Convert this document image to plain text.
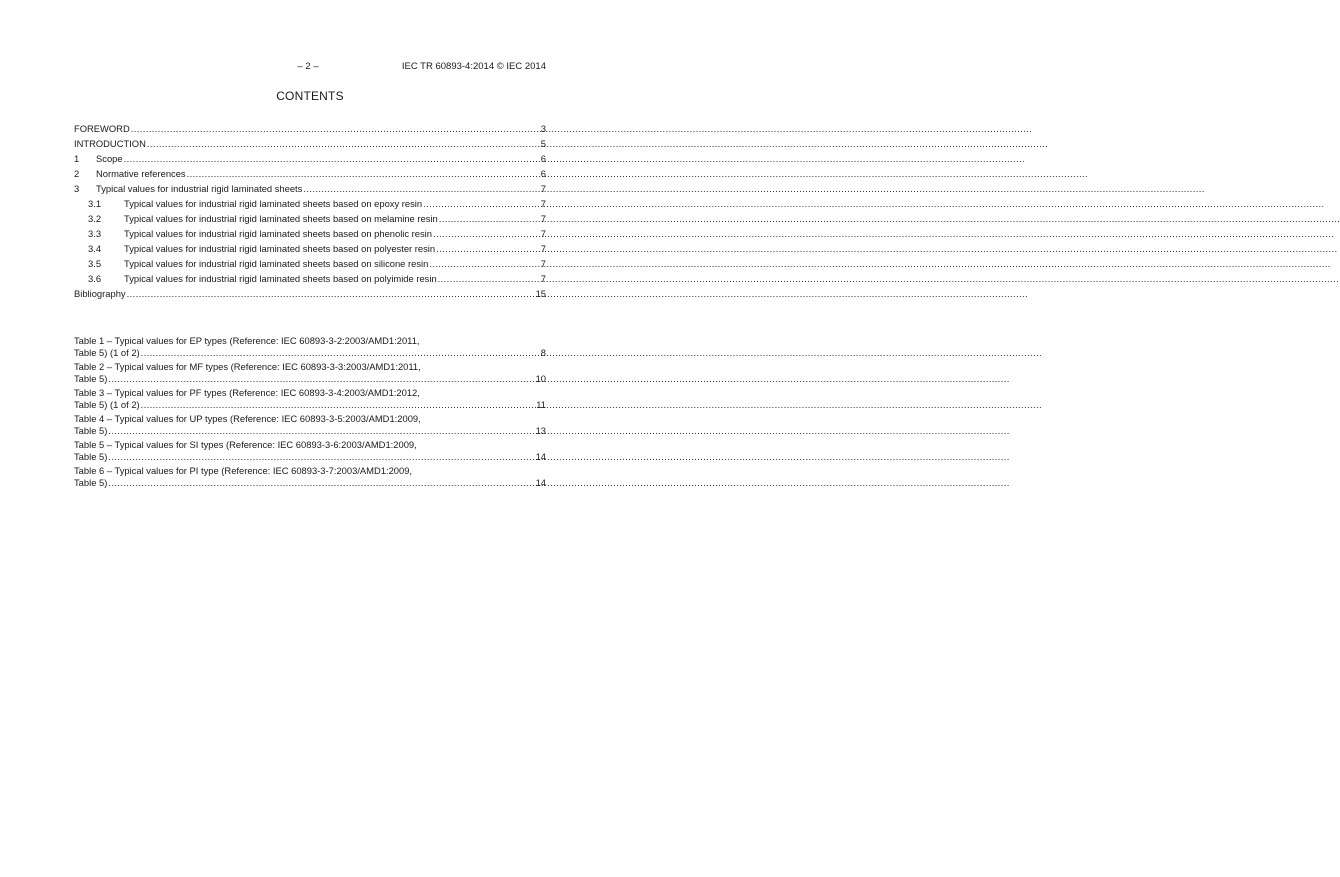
– 2 –	IEC TR 60893-4:2014 © IEC 2014
CONTENTS
FOREWORD .....	3
INTRODUCTION .....	5
1	Scope .....	6
2	Normative references .....	6
3	Typical values for industrial rigid laminated sheets .....	7
3.1	Typical values for industrial rigid laminated sheets based on epoxy resin .....	7
3.2	Typical values for industrial rigid laminated sheets based on melamine resin .....	7
3.3	Typical values for industrial rigid laminated sheets based on phenolic resin .....	7
3.4	Typical values for industrial rigid laminated sheets based on polyester resin .....	7
3.5	Typical values for industrial rigid laminated sheets based on silicone resin .....	7
3.6	Typical values for industrial rigid laminated sheets based on polyimide resin .....	7
Bibliography .....	15
Table 1 – Typical values for EP types (Reference: IEC 60893-3-2:2003/AMD1:2011,
Table 5) (1 of 2) .....	8
Table 2 – Typical values for MF types (Reference: IEC 60893-3-3:2003/AMD1:2011,
Table 5) .....	10
Table 3 – Typical values for PF types (Reference: IEC 60893-3-4:2003/AMD1:2012,
Table 5) (1 of 2) .....	11
Table 4 – Typical values for UP types (Reference: IEC 60893-3-5:2003/AMD1:2009,
Table 5) .....	13
Table 5 – Typical values for SI types (Reference: IEC 60893-3-6:2003/AMD1:2009,
Table 5) .....	14
Table 6 – Typical values for PI type (Reference: IEC 60893-3-7:2003/AMD1:2009,
Table 5) .....	14
